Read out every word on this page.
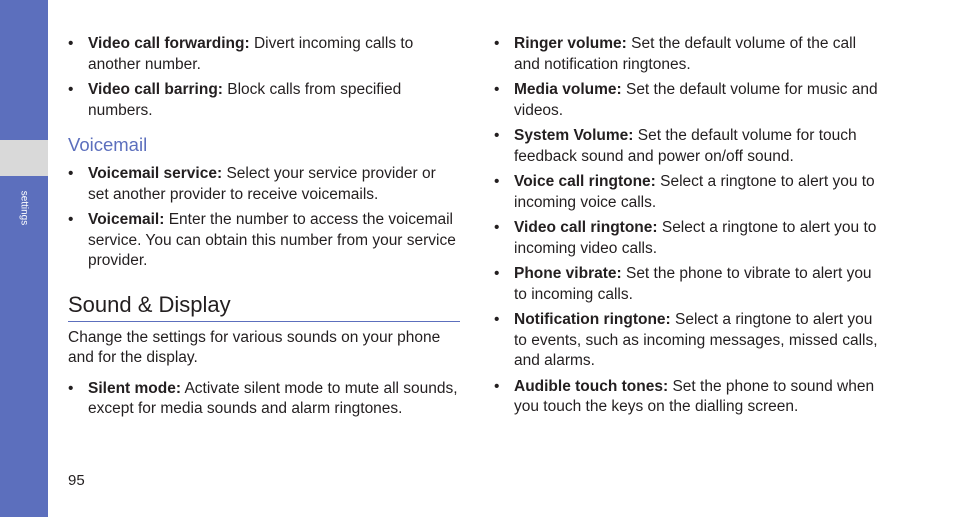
settings
• Video call forwarding: Divert incoming calls to another number.
• Video call barring: Block calls from specified numbers.
Voicemail
• Voicemail service: Select your service provider or set another provider to receive voicemails.
• Voicemail: Enter the number to access the voicemail service. You can obtain this number from your service provider.
Sound & Display

Change the settings for various sounds on your phone and for the display.

• Silent mode: Activate silent mode to mute all sounds, except for media sounds and alarm ringtones.
• Ringer volume: Set the default volume of the call and notification ringtones.
• Media volume: Set the default volume for music and videos.
• System Volume: Set the default volume for touch feedback sound and power on/off sound.
• Voice call ringtone: Select a ringtone to alert you to incoming voice calls.
• Video call ringtone: Select a ringtone to alert you to incoming video calls.
• Phone vibrate: Set the phone to vibrate to alert you to incoming calls.
• Notification ringtone: Select a ringtone to alert you to events, such as incoming messages, missed calls, and alarms.
• Audible touch tones: Set the phone to sound when you touch the keys on the dialling screen.
95
